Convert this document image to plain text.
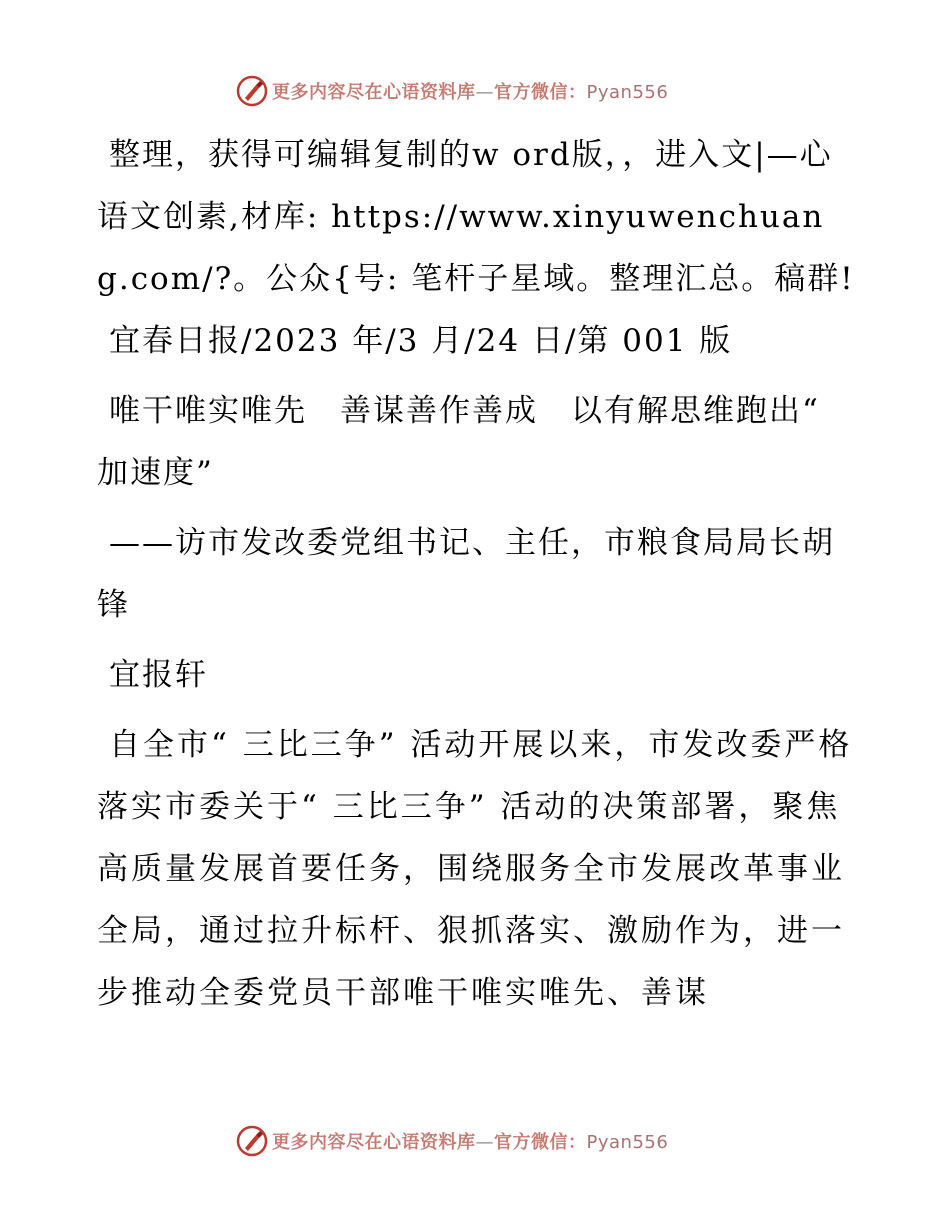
更多内容尽在心语资料库—官方微信：Pyan556

整理，获得可编辑复制的w ord版，，进入文|—心语文创素,材库: https://www.xinyuwenchuang.com/?。公众{号: 笔杆子星域。整理汇总。稿群!

宜春日报/2023 年/3 月/24 日/第 001 版

唯干唯实唯先　善谋善作善成　以有解思维跑出“ 加速度”

——访市发改委党组书记、主任，市粮食局局长胡锋

宜报轩

自全市“ 三比三争” 活动开展以来，市发改委严格落实市委关于“ 三比三争” 活动的决策部署，聚焦高质量发展首要任务，围绕服务全市发展改革事业全局，通过拉升标杆、狠抓落实、激励作为，进一步推动全委党员干部唯干唯实唯先、善谋

更多内容尽在心语资料库—官方微信：Pyan556
